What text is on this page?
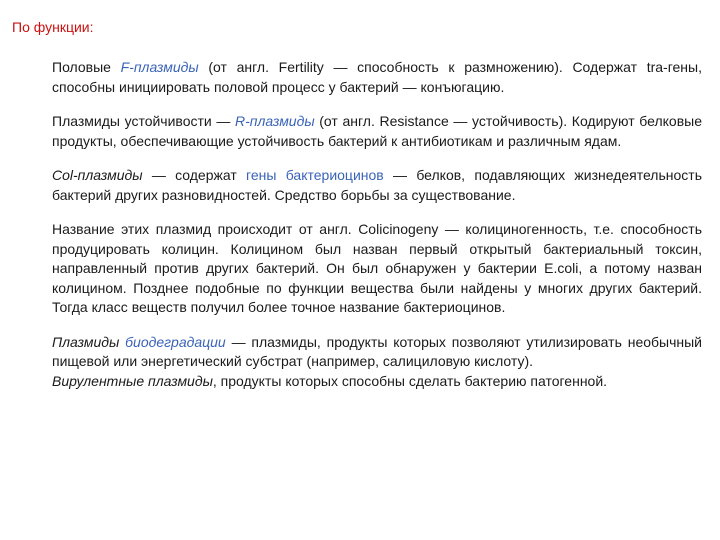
По функции:

Половые F-плазмиды (от англ. Fertility — способность к размножению). Содержат tra-гены, способны инициировать половой процесс у бактерий — конъюгацию.

Плазмиды устойчивости — R-плазмиды (от англ. Resistance — устойчивость). Кодируют белковые продукты, обеспечивающие устойчивость бактерий к антибиотикам и различным ядам.

Col-плазмиды — содержат гены бактериоцинов — белков, подавляющих жизнедеятельность бактерий других разновидностей. Средство борьбы за существование.

Название этих плазмид происходит от англ. Colicinogeny — колициногенность, т.е. способность продуцировать колицин. Колицином был назван первый открытый бактериальный токсин, направленный против других бактерий. Он был обнаружен у бактерии E.coli, а потому назван колицином. Позднее подобные по функции вещества были найдены у многих других бактерий. Тогда класс веществ получил более точное название бактериоцинов.

Плазмиды биодеградации — плазмиды, продукты которых позволяют утилизировать необычный пищевой или энергетический субстрат (например, салициловую кислоту).

Вирулентные плазмиды, продукты которых способны сделать бактерию патогенной.
